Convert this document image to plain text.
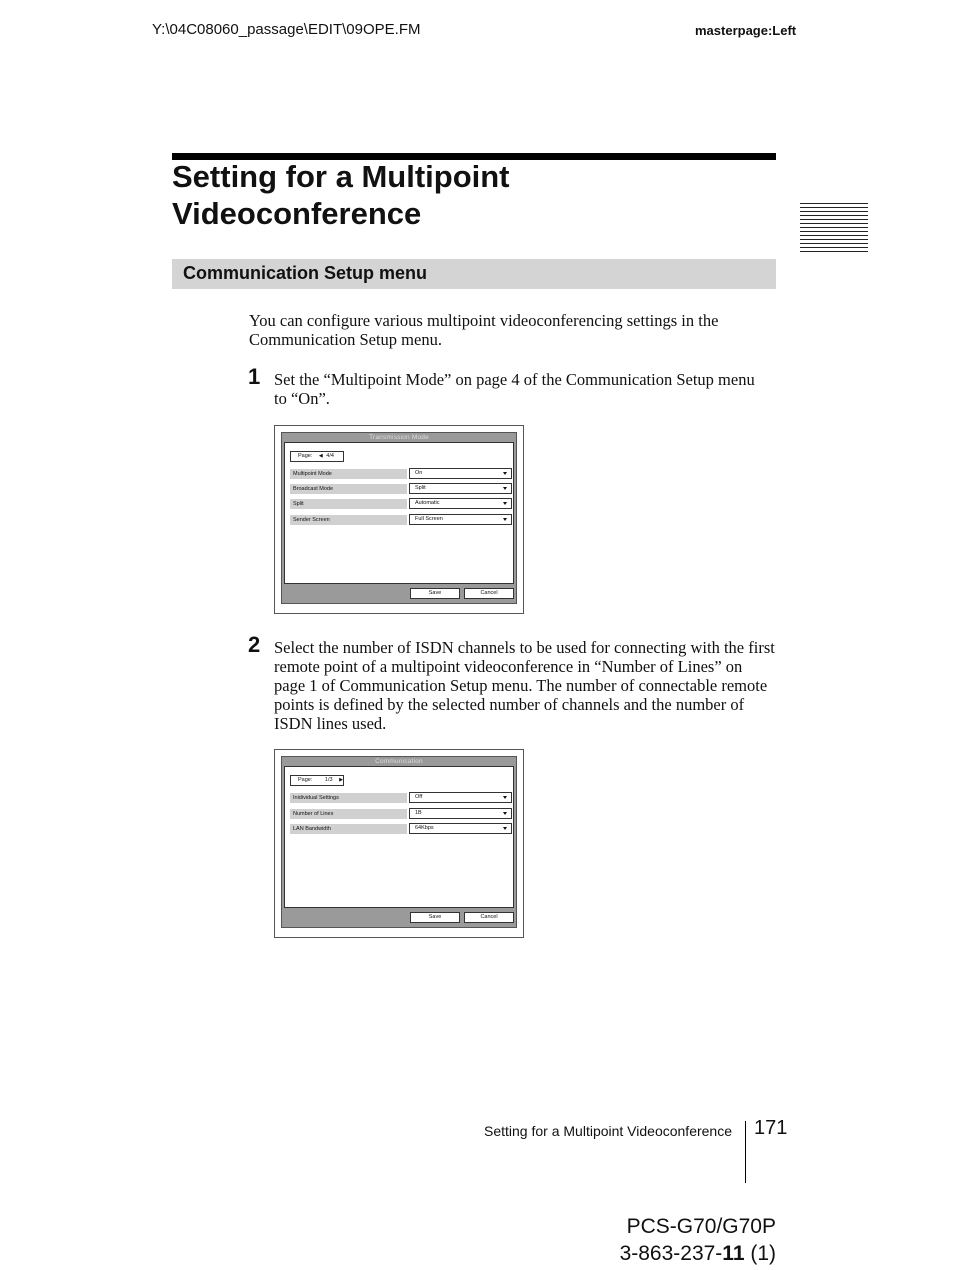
Y:\04C08060_passage\EDIT\09OPE.FM	masterpage:Left
Setting for a Multipoint
Videoconference
Communication Setup menu
You can configure various multipoint videoconferencing settings in the
Communication Setup menu.
1 Set the “Multipoint Mode” on page 4 of the Communication Setup menu
to “On”.
Transmission Mode
Page: ◀ 4/4
Multipoint Mode	On
Broadcast Mode	Split
Split	Automatic
Sender Screen	Full Screen
Save	Cancel
2 Select the number of ISDN channels to be used for connecting with the first
remote point of a multipoint videoconference in “Number of Lines” on
page 1 of Communication Setup menu. The number of connectable remote
points is defined by the selected number of channels and the number of
ISDN lines used.
Communication
Page: 1/3 ▶
Inidividual Settings	Off
Number of Lines	1B
LAN Bandwidth	64Kbps
Save	Cancel
Setting for a Multipoint Videoconference 171
PCS-G70/G70P
3-863-237-11 (1)
